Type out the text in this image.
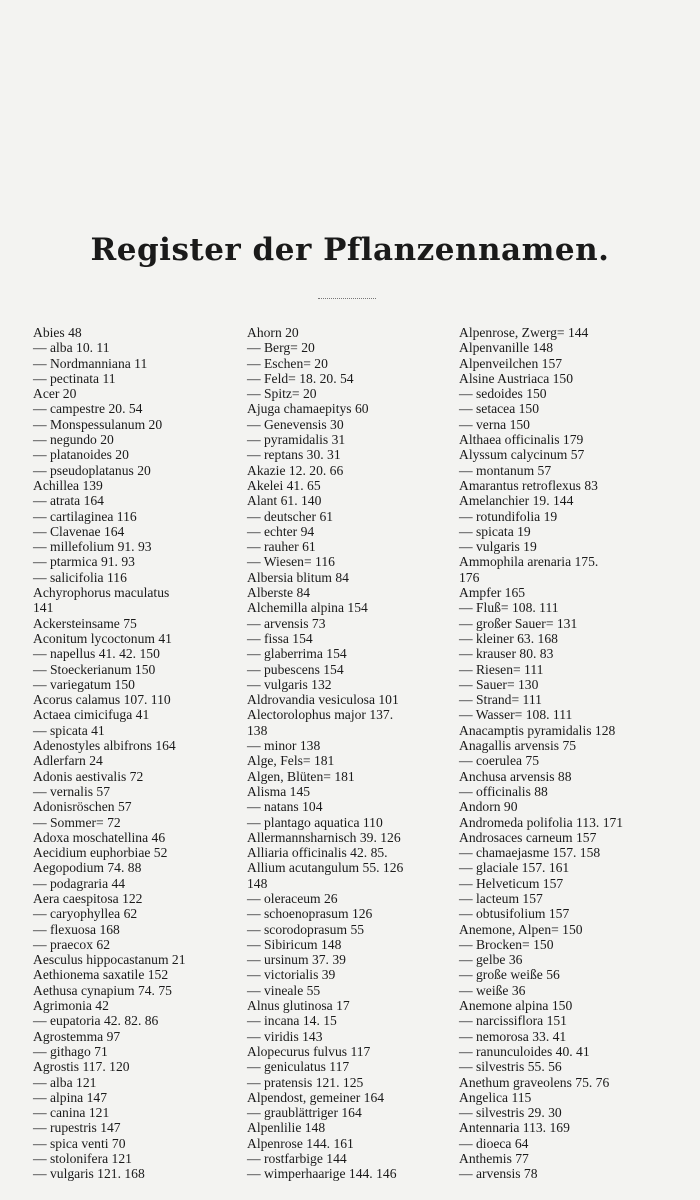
Register der Pflanzennamen.
Abies 48
— alba 10. 11
— Nordmanniana 11
— pectinata 11
Acer 20
— campestre 20. 54
— Monspessulanum 20
— negundo 20
— platanoides 20
— pseudoplatanus 20
Achillea 139
— atrata 164
— cartilaginea 116
— Clavenae 164
— millefolium 91. 93
— ptarmica 91. 93
— salicifolia 116
Achyrophorus maculatus
141
Ackersteinsame 75
Aconitum lycoctonum 41
— napellus 41. 42. 150
— Stoeckerianum 150
— variegatum 150
Acorus calamus 107. 110
Actaea cimicifuga 41
— spicata 41
Adenostyles albifrons 164
Adlerfarn 24
Adonis aestivalis 72
— vernalis 57
Adonisröschen 57
— Sommer= 72
Adoxa moschatellina 46
Aecidium euphorbiae 52
Aegopodium 74. 88
— podagraria 44
Aera caespitosa 122
— caryophyllea 62
— flexuosa 168
— praecox 62
Aesculus hippocastanum 21
Aethionema saxatile 152
Aethusa cynapium 74. 75
Agrimonia 42
— eupatoria 42. 82. 86
Agrostemma 97
— githago 71
Agrostis 117. 120
— alba 121
— alpina 147
— canina 121
— rupestris 147
— spica venti 70
— stolonifera 121
— vulgaris 121. 168
Ahorn 20
— Berg= 20
— Eschen= 20
— Feld= 18. 20. 54
— Spitz= 20
Ajuga chamaepitys 60
— Genevensis 30
— pyramidalis 31
— reptans 30. 31
Akazie 12. 20. 66
Akelei 41. 65
Alant 61. 140
— deutscher 61
— echter 94
— rauher 61
— Wiesen= 116
Albersia blitum 84
Alberste 84
Alchemilla alpina 154
— arvensis 73
— fissa 154
— glaberrima 154
— pubescens 154
— vulgaris 132
Aldrovandia vesiculosa 101
Alectorolophus major 137.
138
— minor 138
Alge, Fels= 181
Algen, Blüten= 181
Alisma 145
— natans 104
— plantago aquatica 110
Allermannsharnisch 39. 126
Alliaria officinalis 42. 85.
Allium acutangulum 55. 126
148
— oleraceum 26
— schoenoprasum 126
— scorodoprasum 55
— Sibiricum 148
— ursinum 37. 39
— victorialis 39
— vineale 55
Alnus glutinosa 17
— incana 14. 15
— viridis 143
Alopecurus fulvus 117
— geniculatus 117
— pratensis 121. 125
Alpendost, gemeiner 164
— graublättriger 164
Alpenlilie 148
Alpenrose 144. 161
— rostfarbige 144
— wimperhaarige 144. 146
Alpenrose, Zwerg= 144
Alpenvanille 148
Alpenveilchen 157
Alsine Austriaca 150
— sedoides 150
— setacea 150
— verna 150
Althaea officinalis 179
Alyssum calycinum 57
— montanum 57
Amarantus retroflexus 83
Amelanchier 19. 144
— rotundifolia 19
— spicata 19
— vulgaris 19
Ammophila arenaria 175.
176
Ampfer 165
— Fluß= 108. 111
— großer Sauer= 131
— kleiner 63. 168
— krauser 80. 83
— Riesen= 111
— Sauer= 130
— Strand= 111
— Wasser= 108. 111
Anacamptis pyramidalis 128
Anagallis arvensis 75
— coerulea 75
Anchusa arvensis 88
— officinalis 88
Andorn 90
Andromeda polifolia 113. 171
Androsaces carneum 157
— chamaejasme 157. 158
— glaciale 157. 161
— Helveticum 157
— lacteum 157
— obtusifolium 157
Anemone, Alpen= 150
— Brocken= 150
— gelbe 36
— große weiße 56
— weiße 36
Anemone alpina 150
— narcissiflora 151
— nemorosa 33. 41
— ranunculoides 40. 41
— silvestris 55. 56
Anethum graveolens 75. 76
Angelica 115
— silvestris 29. 30
Antennaria 113. 169
— dioeca 64
Anthemis 77
— arvensis 78
